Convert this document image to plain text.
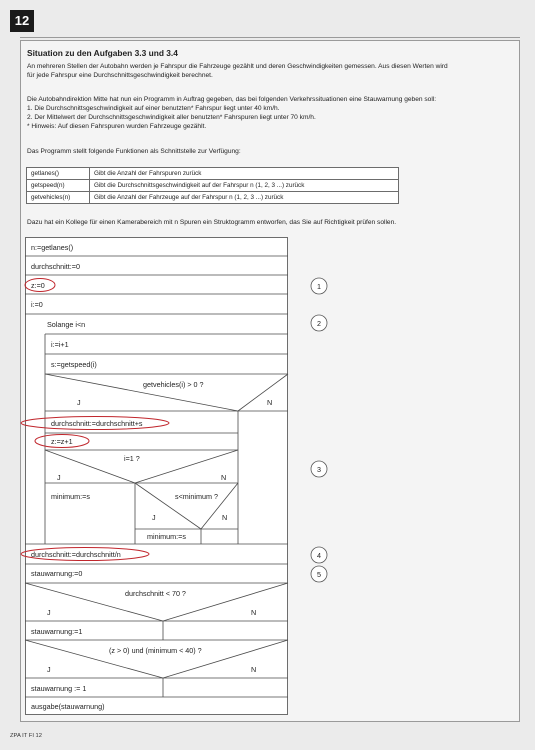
12
Situation zu den Aufgaben 3.3 und 3.4
An mehreren Stellen der Autobahn werden je Fahrspur die Fahrzeuge gezählt und deren Geschwindigkeiten gemessen. Aus diesen Werten wird
für jede Fahrspur eine Durchschnittsgeschwindigkeit berechnet.
Die Autobahndirektion Mitte hat nun ein Programm in Auftrag gegeben, das bei folgenden Verkehrssituationen eine Stauwarnung geben soll:
1. Die Durchschnittsgeschwindigkeit auf einer benutzten* Fahrspur liegt unter 40 km/h.
2. Der Mittelwert der Durchschnittsgeschwindigkeit aller benutzten* Fahrspuren liegt unter 70 km/h.
* Hinweis: Auf diesen Fahrspuren wurden Fahrzeuge gezählt.
Das Programm stellt folgende Funktionen als Schnittstelle zur Verfügung:
getlanes()	Gibt die Anzahl der Fahrspuren zurück
getspeed(n)	Gibt die Durchschnittsgeschwindigkeit auf der Fahrspur n (1, 2, 3 ...) zurück
getvehicles(n)	Gibt die Anzahl der Fahrzeuge auf der Fahrspur n (1, 2, 3 ...) zurück
Dazu hat ein Kollege für einen Kamerabereich mit n Spuren ein Struktogramm entworfen, das Sie auf Richtigkeit prüfen sollen.
n:=getlanes()
durchschnitt:=0
z:=0
i:=0
Solange i<n
i:=i+1
s:=getspeed(i)
getvehicles(i) > 0 ?
J	N
durchschnitt:=durchschnitt+s
z:=z+1
i=1 ?
J	N
minimum:=s	s<minimum ?
J	N
minimum:=s
durchschnitt:=durchschnitt/n
stauwarnung:=0
durchschnitt < 70 ?
J	N
stauwarnung:=1
(z > 0) und (minimum < 40) ?
J	N
stauwarnung := 1
ausgabe(stauwarnung)
1
2
3
4
5
ZPA IT FI 12
